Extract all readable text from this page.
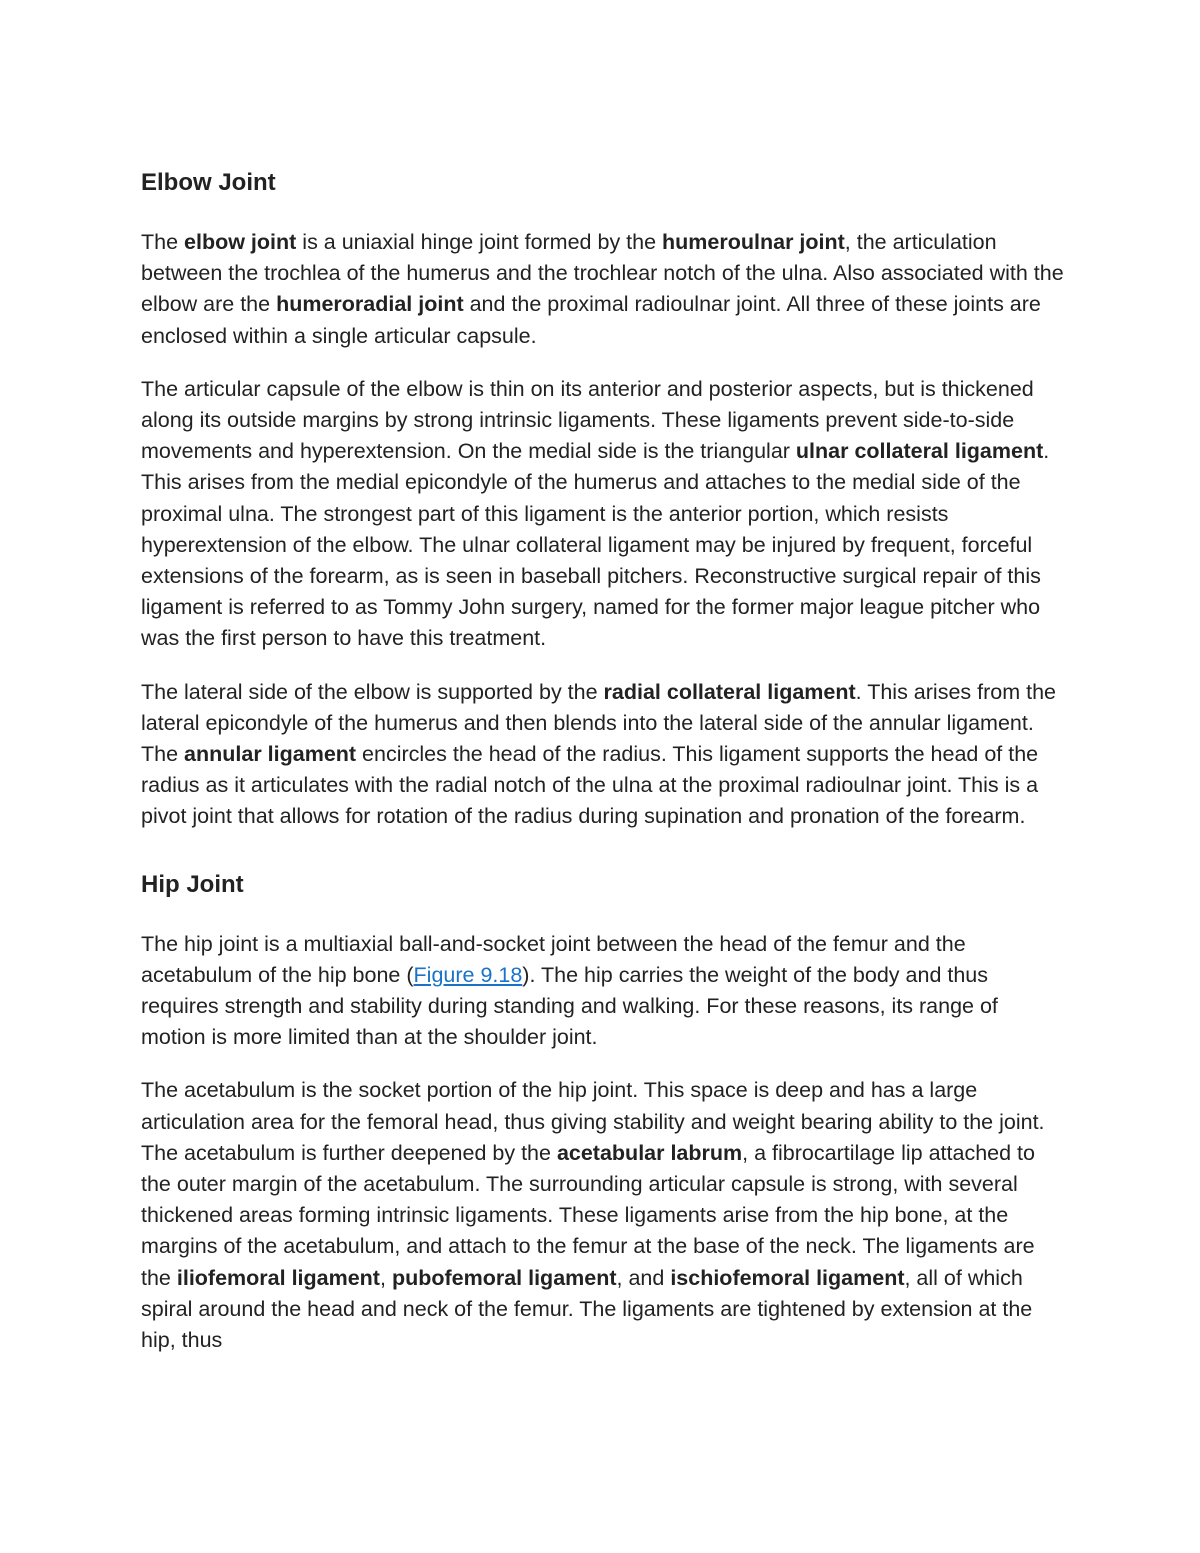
Elbow Joint

The elbow joint is a uniaxial hinge joint formed by the humeroulnar joint, the articulation between the trochlea of the humerus and the trochlear notch of the ulna. Also associated with the elbow are the humeroradial joint and the proximal radioulnar joint. All three of these joints are enclosed within a single articular capsule.

The articular capsule of the elbow is thin on its anterior and posterior aspects, but is thickened along its outside margins by strong intrinsic ligaments. These ligaments prevent side-to-side movements and hyperextension. On the medial side is the triangular ulnar collateral ligament. This arises from the medial epicondyle of the humerus and attaches to the medial side of the proximal ulna. The strongest part of this ligament is the anterior portion, which resists hyperextension of the elbow. The ulnar collateral ligament may be injured by frequent, forceful extensions of the forearm, as is seen in baseball pitchers. Reconstructive surgical repair of this ligament is referred to as Tommy John surgery, named for the former major league pitcher who was the first person to have this treatment.

The lateral side of the elbow is supported by the radial collateral ligament. This arises from the lateral epicondyle of the humerus and then blends into the lateral side of the annular ligament. The annular ligament encircles the head of the radius. This ligament supports the head of the radius as it articulates with the radial notch of the ulna at the proximal radioulnar joint. This is a pivot joint that allows for rotation of the radius during supination and pronation of the forearm.

Hip Joint

The hip joint is a multiaxial ball-and-socket joint between the head of the femur and the acetabulum of the hip bone (Figure 9.18). The hip carries the weight of the body and thus requires strength and stability during standing and walking. For these reasons, its range of motion is more limited than at the shoulder joint.

The acetabulum is the socket portion of the hip joint. This space is deep and has a large articulation area for the femoral head, thus giving stability and weight bearing ability to the joint. The acetabulum is further deepened by the acetabular labrum, a fibrocartilage lip attached to the outer margin of the acetabulum. The surrounding articular capsule is strong, with several thickened areas forming intrinsic ligaments. These ligaments arise from the hip bone, at the margins of the acetabulum, and attach to the femur at the base of the neck. The ligaments are the iliofemoral ligament, pubofemoral ligament, and ischiofemoral ligament, all of which spiral around the head and neck of the femur. The ligaments are tightened by extension at the hip, thus
